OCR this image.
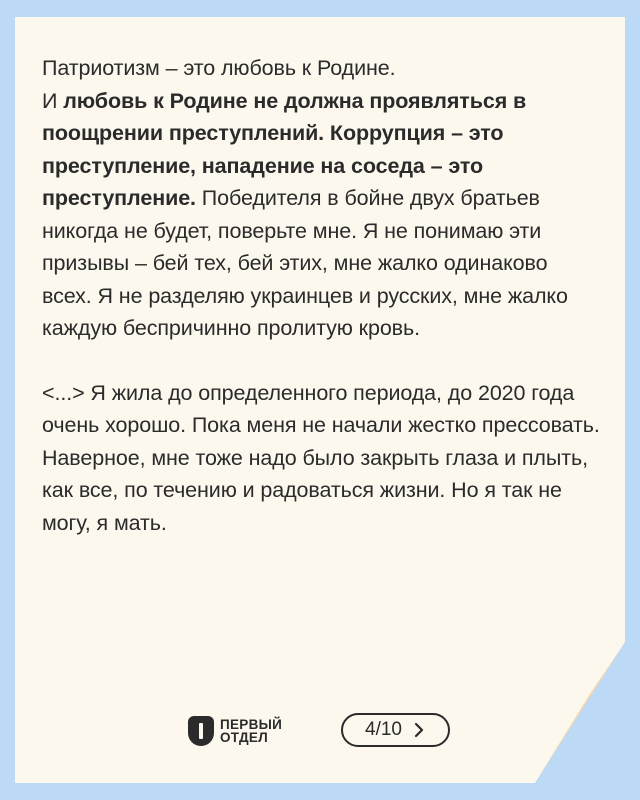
Патриотизм – это любовь к Родине.
И любовь к Родине не должна проявляться в поощрении преступлений. Коррупция – это преступление, нападение на соседа – это преступление. Победителя в бойне двух братьев никогда не будет, поверьте мне. Я не понимаю эти призывы – бей тех, бей этих, мне жалко одинаково всех. Я не разделяю украинцев и русских, мне жалко каждую беспричинно пролитую кровь.

<...> Я жила до определенного периода, до 2020 года очень хорошо. Пока меня не начали жестко прессовать. Наверное, мне тоже надо было закрыть глаза и плыть, как все, по течению и радоваться жизни. Но я так не могу, я мать.

ПЕРВЫЙ
ОТДЕЛ	4/10
